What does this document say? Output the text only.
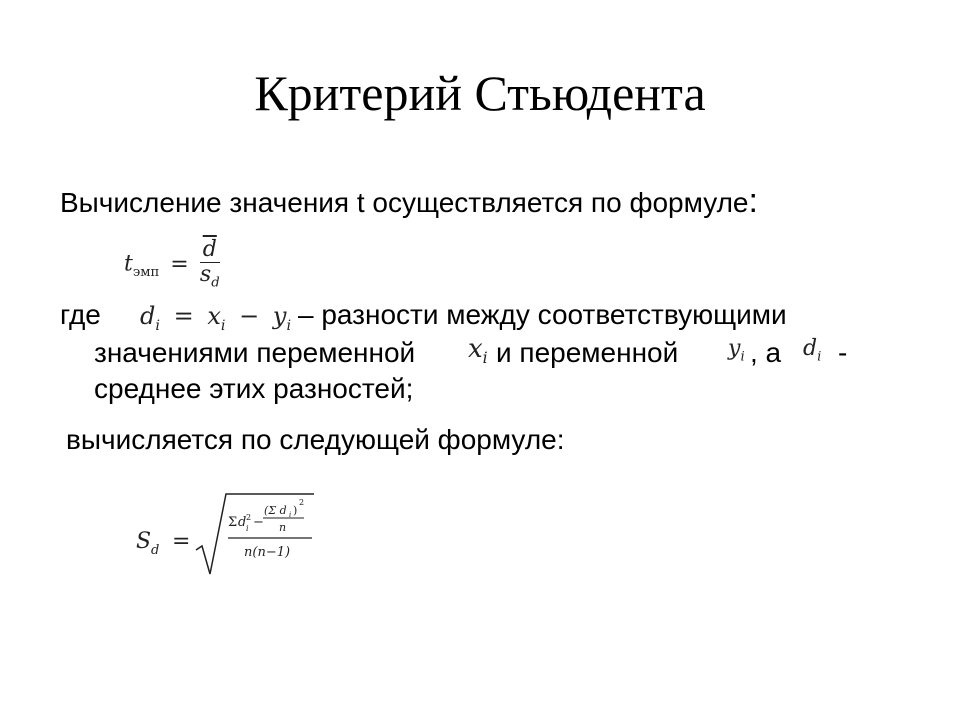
Критерий Стьюдента
Вычисление значения t осуществляется по формуле:
$t_{эмп} = \frac{\overline{d}}{s_d}$
где $d_i = x_i - y_i$ – разности между соответствующими
значениями переменной $x_i$ и переменной $y_i$ , а $d_i$ -
среднее этих разностей;
вычисляется по следующей формуле:
S d =
Σ d 2
i −
(Σ d i )
2
n
n(n−1)
